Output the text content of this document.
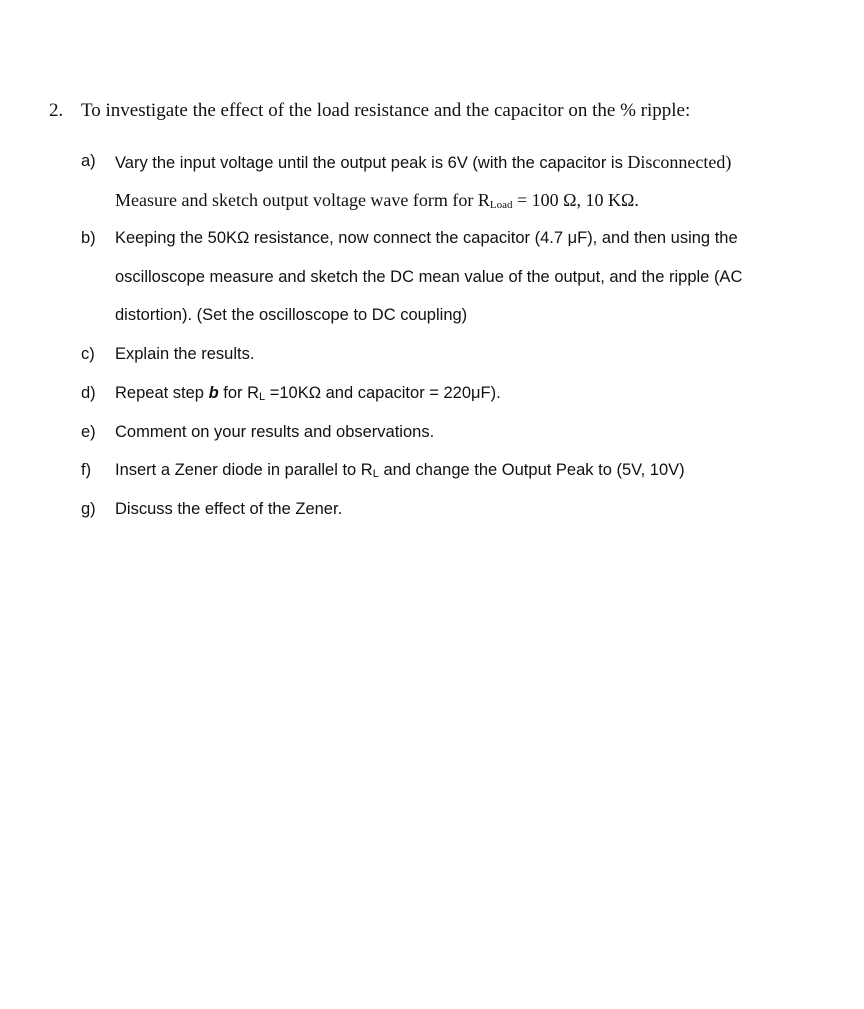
2. To investigate the effect of the load resistance and the capacitor on the % ripple:
a) Vary the input voltage until the output peak is 6V (with the capacitor is Disconnected)
Measure and sketch output voltage wave form for $R_{Load} = 100$ Ω, 10 KΩ.
b) Keeping the 50KΩ resistance, now connect the capacitor (4.7 μF), and then using the
oscilloscope measure and sketch the DC mean value of the output, and the ripple (AC
distortion). (Set the oscilloscope to DC coupling)
c) Explain the results.
d) Repeat step b for $R_L =10K\Omega$ and capacitor = 220μF).
e) Comment on your results and observations.
f) Insert a Zener diode in parallel to $R_L$ and change the Output Peak to (5V, 10V)
g) Discuss the effect of the Zener.
